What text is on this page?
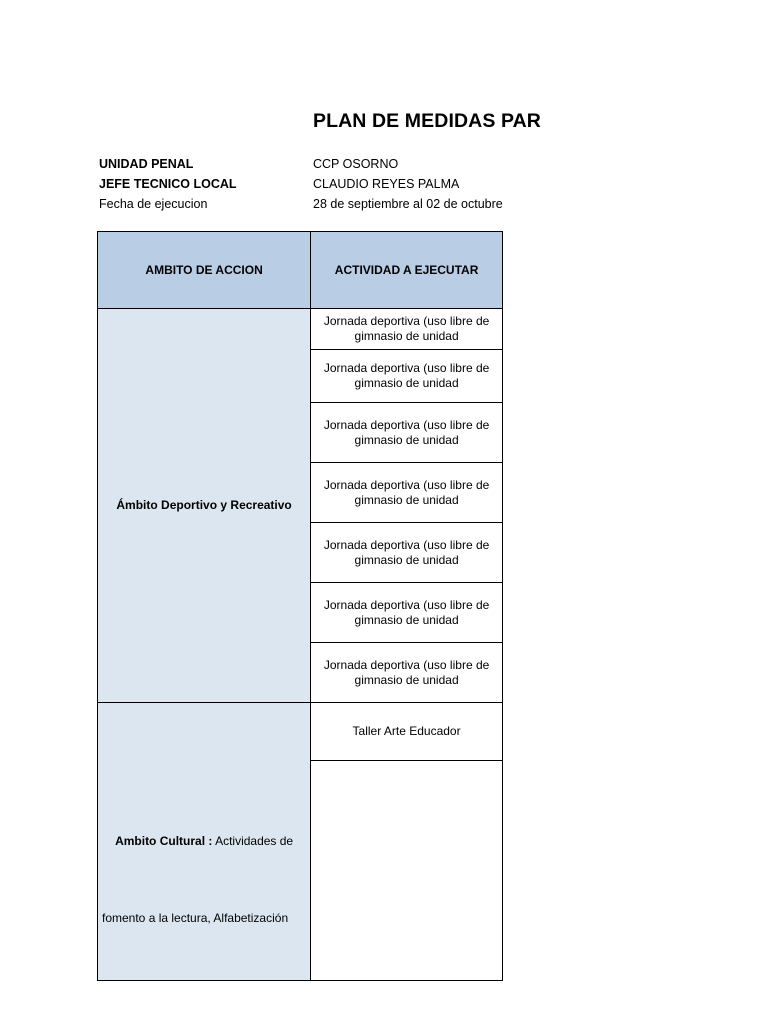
PLAN DE MEDIDAS PAR
UNIDAD PENAL	CCP OSORNO
JEFE TECNICO LOCAL	CLAUDIO REYES PALMA
Fecha de ejecucion	28 de septiembre al 02 de octubre
AMBITO DE ACCION	ACTIVIDAD A EJECUTAR
Ámbito Deportivo y Recreativo	Jornada deportiva (uso libre de gimnasio de unidad
	Jornada deportiva (uso libre de gimnasio de unidad
	Jornada deportiva (uso libre de gimnasio de unidad
	Jornada deportiva (uso libre de gimnasio de unidad
	Jornada deportiva (uso libre de gimnasio de unidad
	Jornada deportiva (uso libre de gimnasio de unidad
	Jornada deportiva (uso libre de gimnasio de unidad

Ambito Cultural : Actividades de
fomento a la lectura, Alfabetización	Taller Arte Educador
